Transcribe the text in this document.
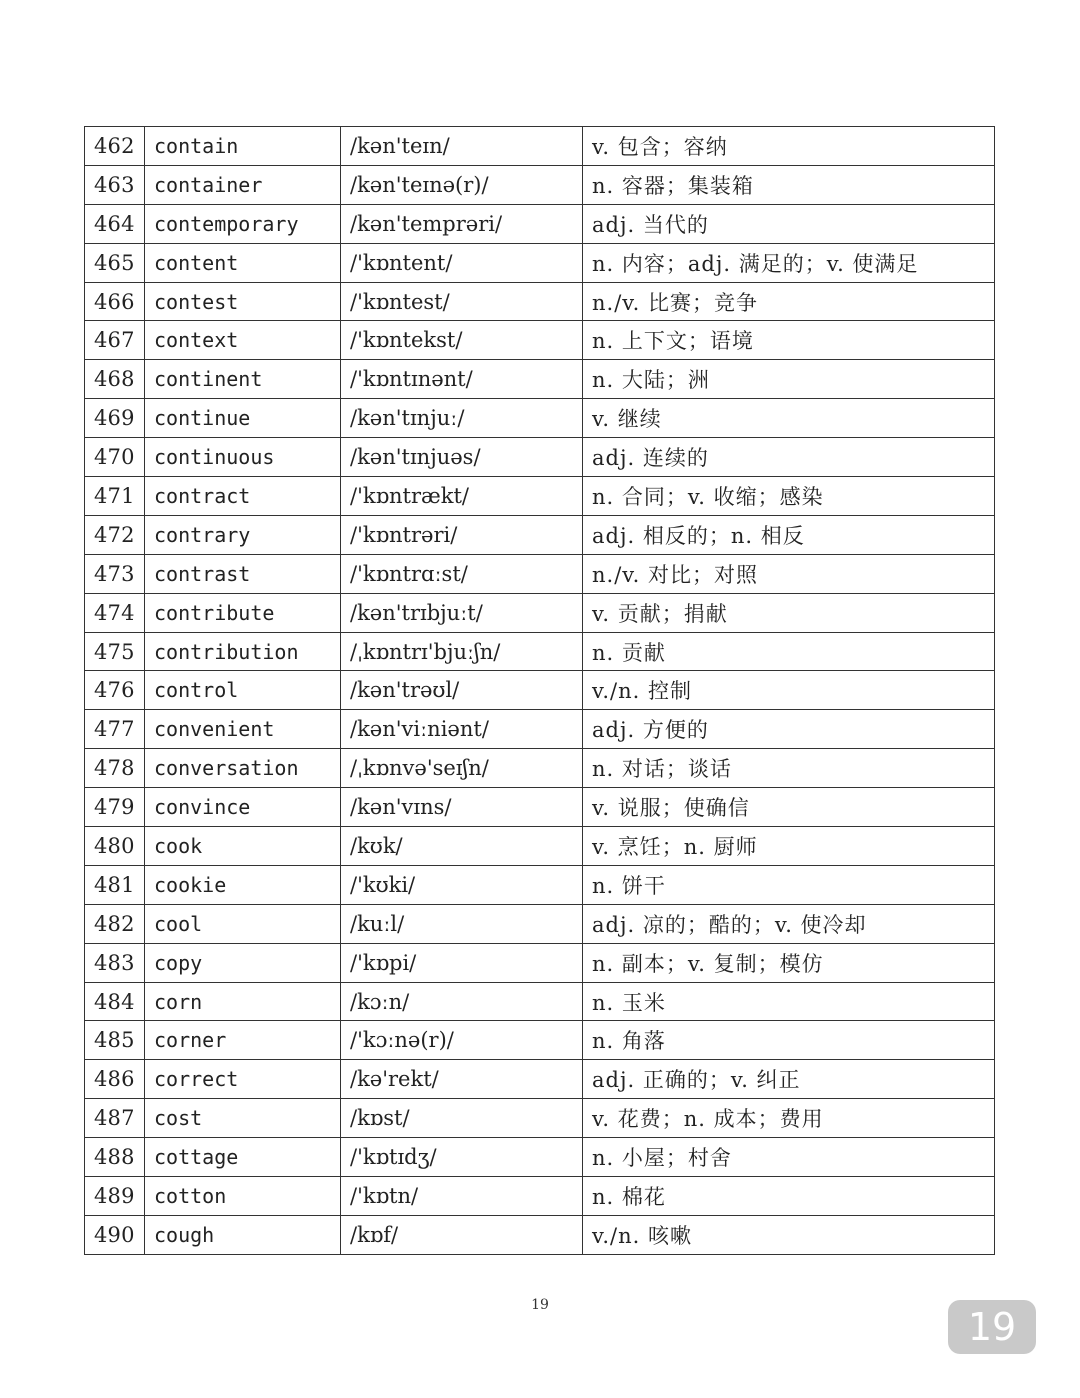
462	contain	/kən'teɪn/	v. 包含；容纳
463	container	/kən'teɪnə(r)/	n. 容器；集装箱
464	contemporary	/kən'temprəri/	adj. 当代的
465	content	/'kɒntent/	n. 内容；adj. 满足的；v. 使满足
466	contest	/'kɒntest/	n./v. 比赛；竞争
467	context	/'kɒntekst/	n. 上下文；语境
468	continent	/'kɒntɪnənt/	n. 大陆；洲
469	continue	/kən'tɪnjuː/	v. 继续
470	continuous	/kən'tɪnjuəs/	adj. 连续的
471	contract	/'kɒntrækt/	n. 合同；v. 收缩；感染
472	contrary	/'kɒntrəri/	adj. 相反的；n. 相反
473	contrast	/'kɒntrɑːst/	n./v. 对比；对照
474	contribute	/kən'trɪbjuːt/	v. 贡献；捐献
475	contribution	/ˌkɒntrɪ'bjuːʃn/	n. 贡献
476	control	/kən'trəʊl/	v./n. 控制
477	convenient	/kən'viːniənt/	adj. 方便的
478	conversation	/ˌkɒnvə'seɪʃn/	n. 对话；谈话
479	convince	/kən'vɪns/	v. 说服；使确信
480	cook	/kʊk/	v. 烹饪；n. 厨师
481	cookie	/'kʊki/	n. 饼干
482	cool	/kuːl/	adj. 凉的；酷的；v. 使冷却
483	copy	/'kɒpi/	n. 副本；v. 复制；模仿
484	corn	/kɔːn/	n. 玉米
485	corner	/'kɔːnə(r)/	n. 角落
486	correct	/kə'rekt/	adj. 正确的；v. 纠正
487	cost	/kɒst/	v. 花费；n. 成本；费用
488	cottage	/'kɒtɪdʒ/	n. 小屋；村舍
489	cotton	/'kɒtn/	n. 棉花
490	cough	/kɒf/	v./n. 咳嗽
19	19
